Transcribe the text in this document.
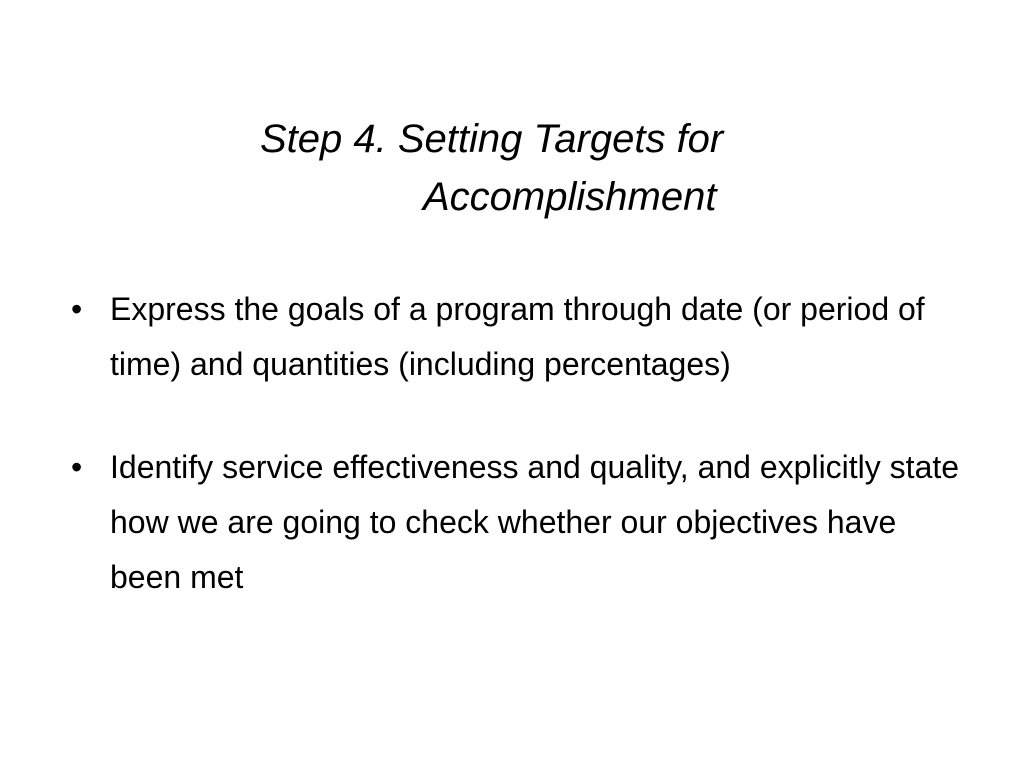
Step 4. Setting Targets for
Accomplishment
• Express the goals of a program through date (or period of time) and quantities (including percentages)
• Identify service effectiveness and quality, and explicitly state how we are going to check whether our objectives have been met
